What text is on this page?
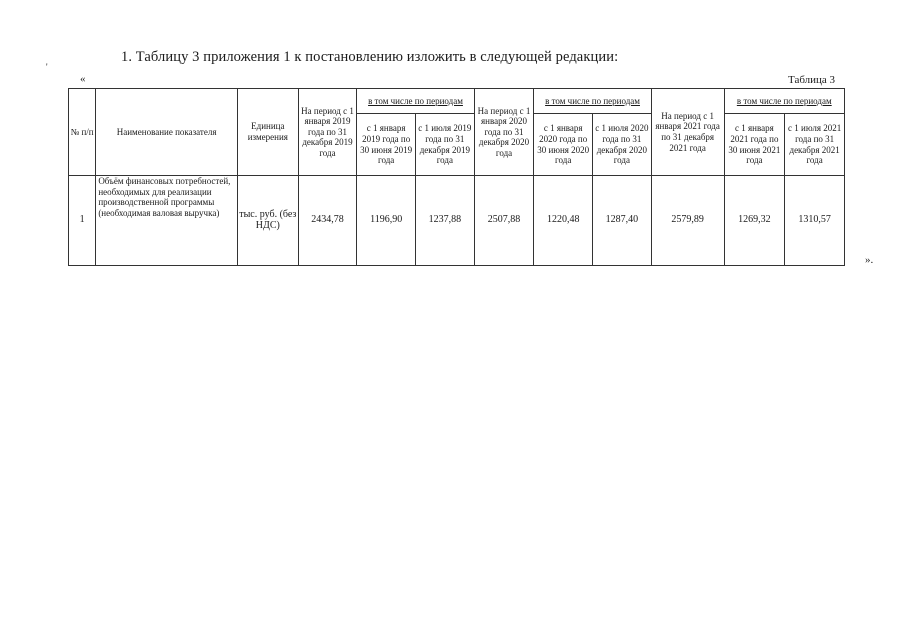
'
1. Таблицу 3 приложения 1 к постановлению изложить в следующей редакции:
«	Таблица 3
№ п/п	Наименование показателя	Единица измерения	На период с 1 января 2019 года по 31 декабря 2019 года	в том числе по периодам		На период с 1 января 2020 года по 31 декабря 2020 года	в том числе по периодам		На период с 1 января 2021 года по 31 декабря 2021 года	в том числе по периодам	
				с 1 января 2019 года по 30 июня 2019 года	с 1 июля 2019 года по 31 декабря 2019 года		с 1 января 2020 года по 30 июня 2020 года	с 1 июля 2020 года по 31 декабря 2020 года		с 1 января 2021 года по 30 июня 2021 года	с 1 июля 2021 года по 31 декабря 2021 года
1	Объём финансовых потребностей, необходимых для реализации производственной программы (необходимая валовая выручка)	тыс. руб. (без НДС)	2434,78	1196,90	1237,88	2507,88	1220,48	1287,40	2579,89	1269,32	1310,57
».
